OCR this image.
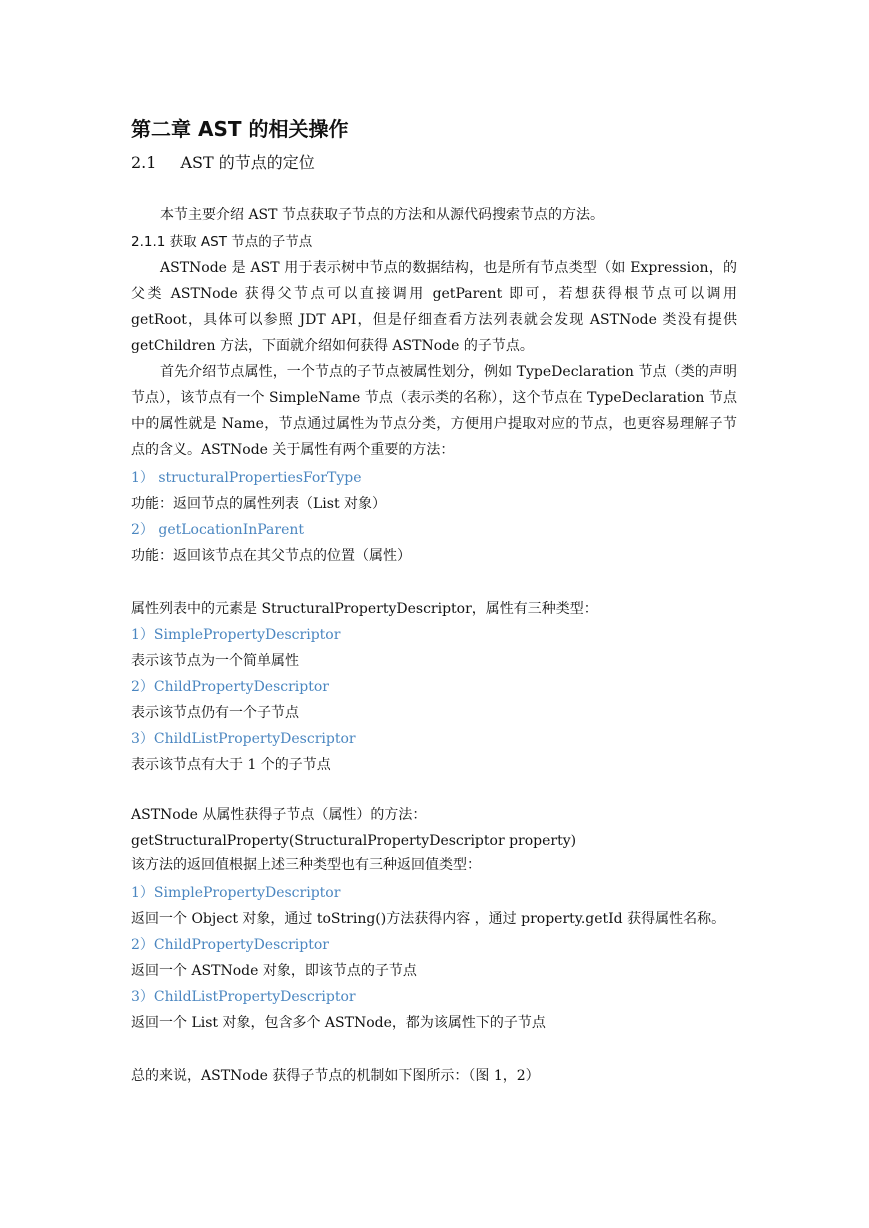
第二章 AST 的相关操作
2.1 AST 的节点的定位
本节主要介绍 AST 节点获取子节点的方法和从源代码搜索节点的方法。
2.1.1 获取 AST 节点的子节点
ASTNode 是 AST 用于表示树中节点的数据结构，也是所有节点类型（如 Expression，的父类 ASTNode 获得父节点可以直接调用 getParent 即可，若想获得根节点可以调用 getRoot，具体可以参照 JDT API，但是仔细查看方法列表就会发现 ASTNode 类没有提供 getChildren 方法，下面就介绍如何获得 ASTNode 的子节点。
首先介绍节点属性，一个节点的子节点被属性划分，例如 TypeDeclaration 节点（类的声明节点），该节点有一个 SimpleName 节点（表示类的名称），这个节点在 TypeDeclaration 节点中的属性就是 Name，节点通过属性为节点分类，方便用户提取对应的节点，也更容易理解子节点的含义。ASTNode 关于属性有两个重要的方法：
1） structuralPropertiesForType
功能：返回节点的属性列表（List 对象）
2） getLocationInParent
功能：返回该节点在其父节点的位置（属性）
属性列表中的元素是 StructuralPropertyDescriptor，属性有三种类型：
1）SimplePropertyDescriptor
表示该节点为一个简单属性
2）ChildPropertyDescriptor
表示该节点仍有一个子节点
3）ChildListPropertyDescriptor
表示该节点有大于 1 个的子节点
ASTNode 从属性获得子节点（属性）的方法：
getStructuralProperty(StructuralPropertyDescriptor property)
该方法的返回值根据上述三种类型也有三种返回值类型：
1）SimplePropertyDescriptor
返回一个 Object 对象，通过 toString()方法获得内容 ，通过 property.getId 获得属性名称。
2）ChildPropertyDescriptor
返回一个 ASTNode 对象，即该节点的子节点
3）ChildListPropertyDescriptor
返回一个 List 对象，包含多个 ASTNode，都为该属性下的子节点
总的来说，ASTNode 获得子节点的机制如下图所示：（图 1，2）
